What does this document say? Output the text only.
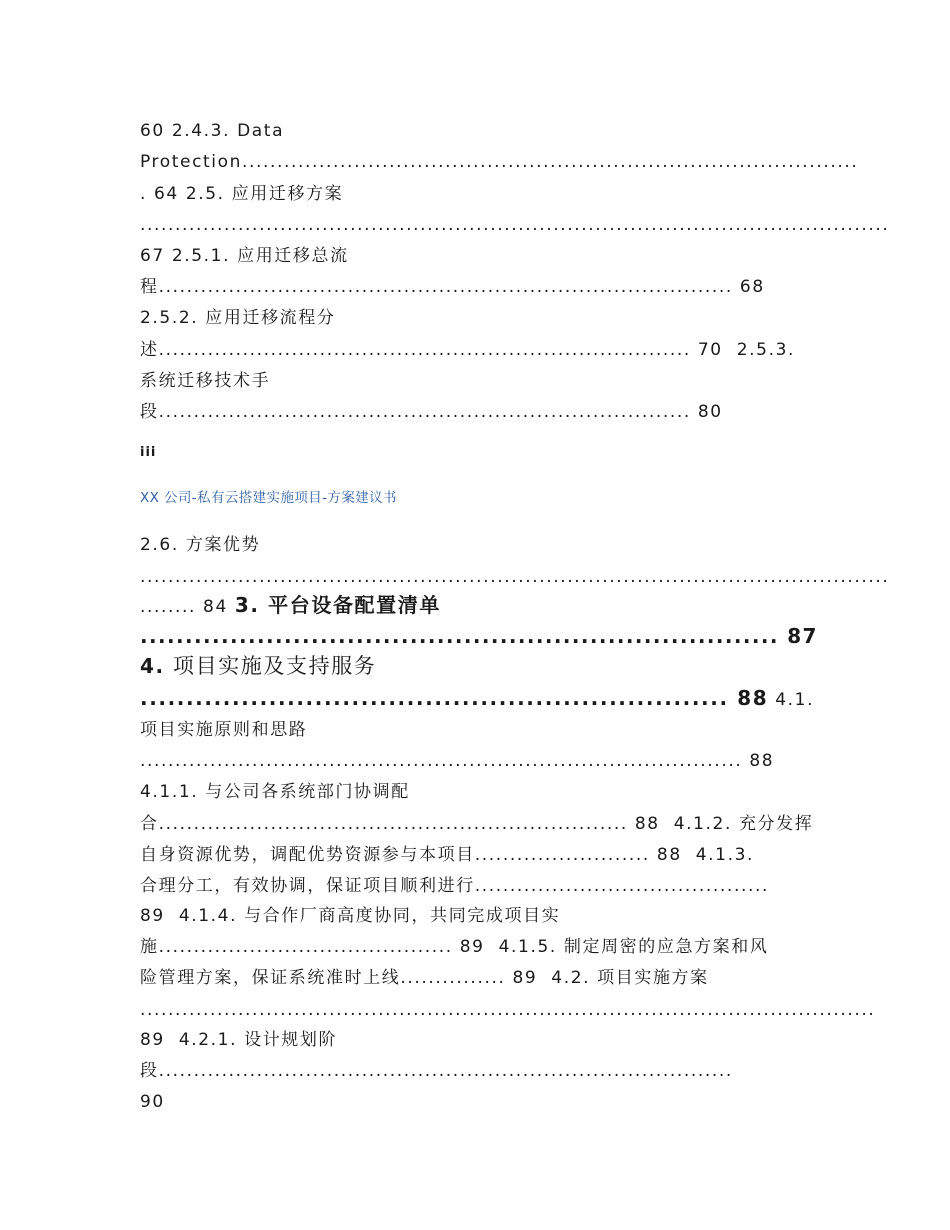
60 2.4.3. Data
Protection........................................................................................
. 64 2.5. 应用迁移方案
...........................................................................................................
67 2.5.1. 应用迁移总流
程.................................................................................. 68
2.5.2. 应用迁移流程分
述............................................................................ 70  2.5.3.
系统迁移技术手
段............................................................................ 80
iii
XX 公司-私有云搭建实施项目-方案建议书
2.6. 方案优势
...........................................................................................................
........ 84 3. 平台设备配置清单
....................................................................... 87
4. 项目实施及支持服务
................................................................ 88 4.1.
项目实施原则和思路
...................................................................................... 88
4.1.1. 与公司各系统部门协调配
合................................................................... 88  4.1.2. 充分发挥
自身资源优势，调配优势资源参与本项目......................... 88  4.1.3.
合理分工，有效协调，保证项目顺利进行..........................................
89  4.1.4. 与合作厂商高度协同，共同完成项目实
施.......................................... 89  4.1.5. 制定周密的应急方案和风
险管理方案，保证系统准时上线............... 89  4.2. 项目实施方案
.........................................................................................................
89  4.2.1. 设计规划阶
段..................................................................................
90
